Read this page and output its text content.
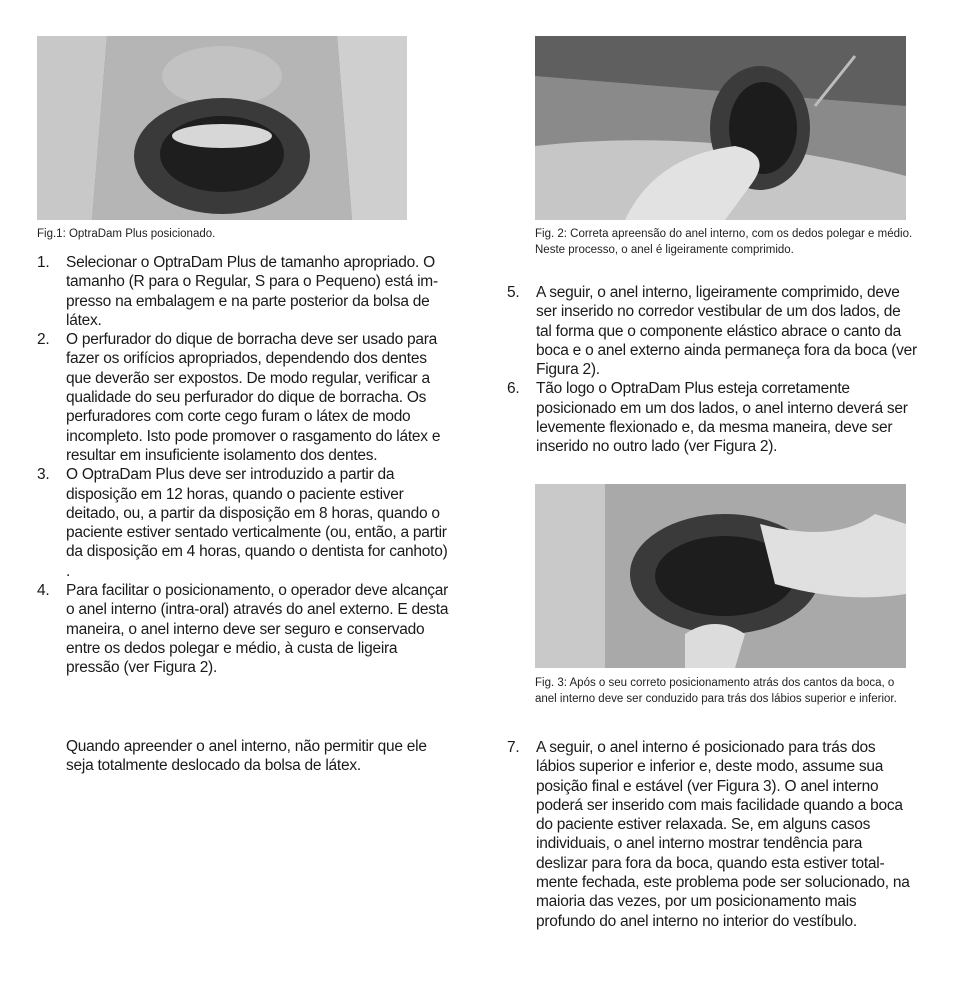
Fig.1: OptraDam Plus posicionado.	Fig. 2: Correta apreensão do anel interno, com os dedos polegar e médio. Neste processo, o anel é ligeiramente comprimido.
Fig. 3: Após o seu correto posicionamento atrás dos cantos da boca, o anel interno deve ser conduzido para trás dos lábios superior e inferior.
1. Selecionar o OptraDam Plus de tamanho apropriado. O tamanho (R para o Regular, S para o Pequeno) está impresso na embalagem e na parte posterior da bolsa de látex.
2. O perfurador do dique de borracha deve ser usado para fazer os orifícios apropriados, dependendo dos dentes que deverão ser expostos. De modo regular, verificar a qualidade do seu perfurador do dique de borracha. Os perfuradores com corte cego furam o látex de modo incompleto. Isto pode promover o rasgamento do látex e resultar em insuficiente isolamento dos dentes.
3. O OptraDam Plus deve ser introduzido a partir da disposição em 12 horas, quando o paciente estiver deitado, ou, a partir da disposição em 8 horas, quando o paciente estiver sentado verticalmente (ou, então, a partir da disposição em 4 horas, quando o dentista for canhoto) .
4. Para facilitar o posicionamento, o operador deve alcançar o anel interno (intra-oral) através do anel externo. E desta maneira, o anel interno deve ser seguro e conservado entre os dedos polegar e médio, à custa de ligeira pressão (ver Figura 2).

Quando apreender o anel interno, não permitir que ele seja totalmente deslocado da bolsa de látex.

5. A seguir, o anel interno, ligeiramente comprimido, deve ser inserido no corredor vestibular de um dos lados, de tal forma que o componente elástico abrace o canto da boca e o anel externo ainda permaneça fora da boca (ver Figura 2).
6. Tão logo o OptraDam Plus esteja corretamente posicionado em um dos lados, o anel interno deverá ser levemente flexionado e, da mesma maneira, deve ser inserido no outro lado (ver Figura 2).
7. A seguir, o anel interno é posicionado para trás dos lábios superior e inferior e, deste modo, assume sua posição final e estável (ver Figura 3). O anel interno poderá ser inserido com mais facilidade quando a boca do paciente estiver relaxada. Se, em alguns casos individuais, o anel interno mostrar tendência para deslizar para fora da boca, quando esta estiver totalmente fechada, este problema pode ser solucionado, na maioria das vezes, por um posicionamento mais profundo do anel interno no interior do vestíbulo.
